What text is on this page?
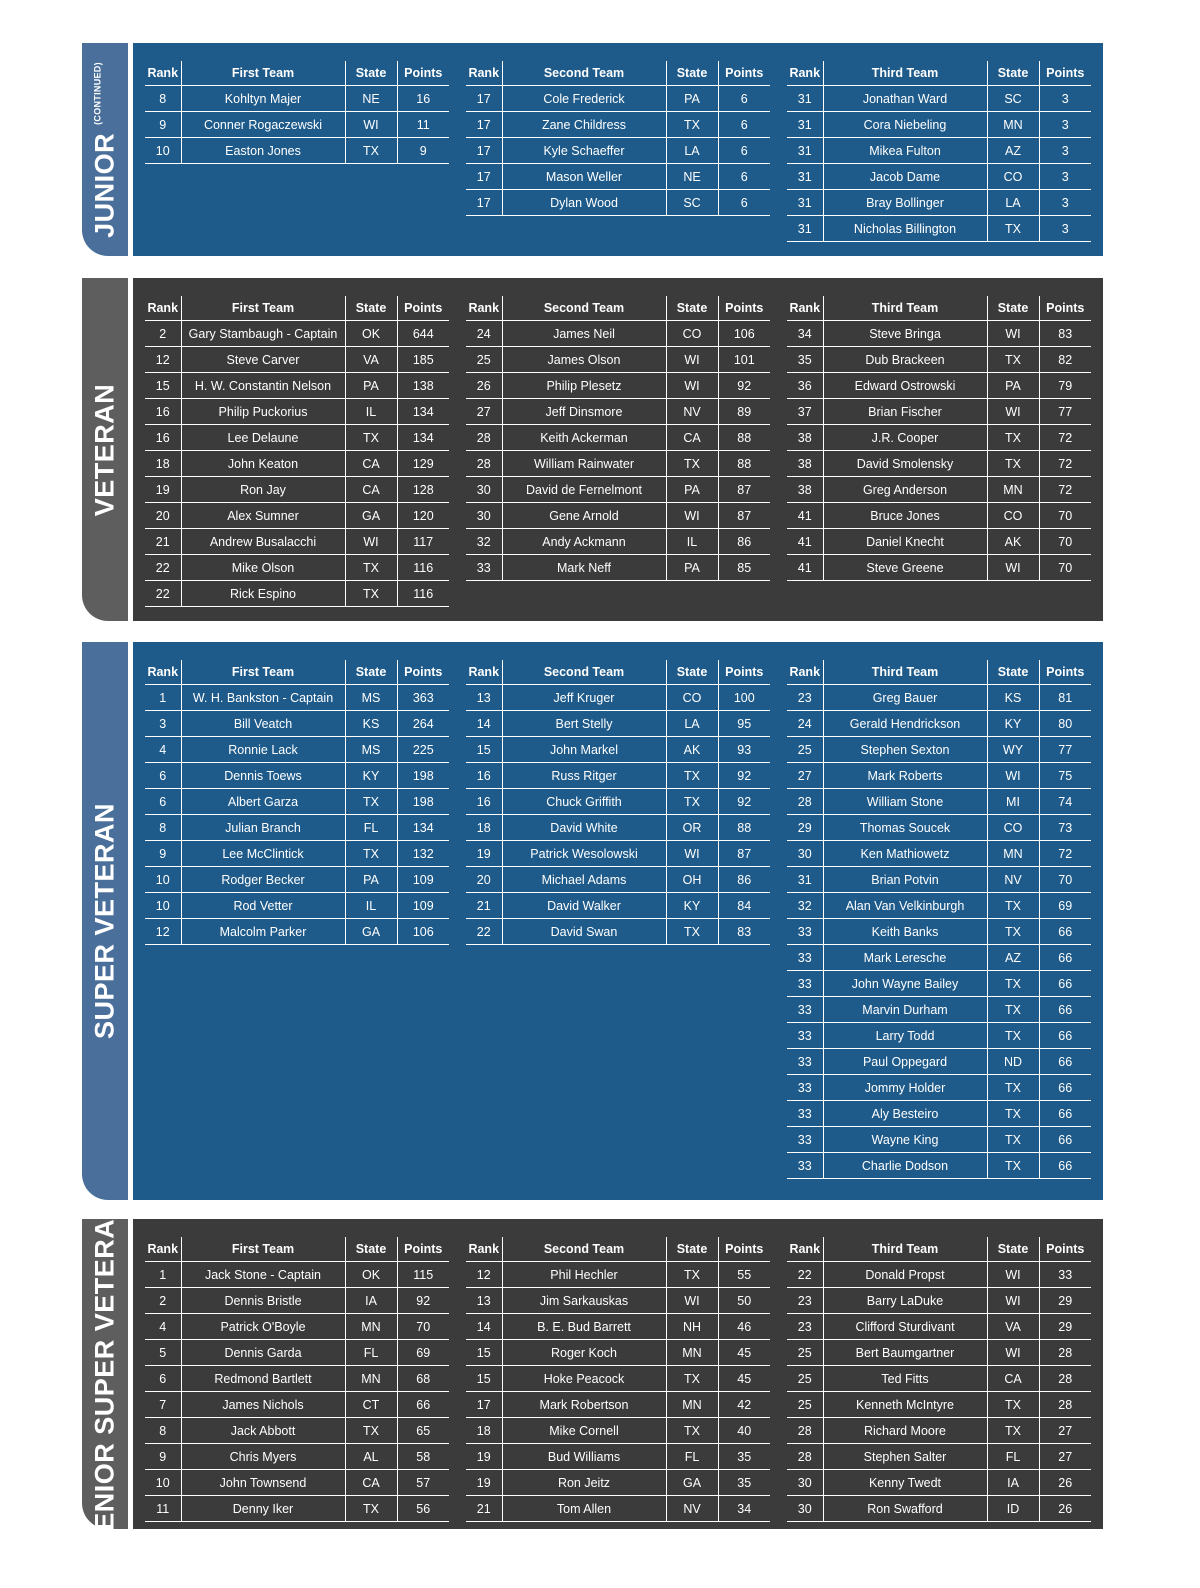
$JUNIOR^{(CONTINUED)}$	Rank	First Team	State	Points
8	Kohltyn Majer	NE	16
9	Conner Rogaczewski	WI	11
10	Easton Jones	TX	9
Rank	Second Team	State	Points
17	Cole Frederick	PA	6
17	Zane Childress	TX	6
17	Kyle Schaeffer	LA	6
17	Mason Weller	NE	6
17	Dylan Wood	SC	6
Rank	Third Team	State	Points
31	Jonathan Ward	SC	3
31	Cora Niebeling	MN	3
31	Mikea Fulton	AZ	3
31	Jacob Dame	CO	3
31	Bray Bollinger	LA	3
31	Nicholas Billington	TX	3
VETERAN
Rank	First Team	State	Points
2	Gary Stambaugh - Captain	OK	644
12	Steve Carver	VA	185
15	H. W. Constantin Nelson	PA	138
16	Philip Puckorius	IL	134
16	Lee Delaune	TX	134
18	John Keaton	CA	129
19	Ron Jay	CA	128
20	Alex Sumner	GA	120
21	Andrew Busalacchi	WI	117
22	Mike Olson	TX	116
22	Rick Espino	TX	116
Rank	Second Team	State	Points
24	James Neil	CO	106
25	James Olson	WI	101
26	Philip Plesetz	WI	92
27	Jeff Dinsmore	NV	89
28	Keith Ackerman	CA	88
28	William Rainwater	TX	88
30	David de Fernelmont	PA	87
30	Gene Arnold	WI	87
32	Andy Ackmann	IL	86
33	Mark Neff	PA	85
Rank	Third Team	State	Points
34	Steve Bringa	WI	83
35	Dub Brackeen	TX	82
36	Edward Ostrowski	PA	79
37	Brian Fischer	WI	77
38	J.R. Cooper	TX	72
38	David Smolensky	TX	72
38	Greg Anderson	MN	72
41	Bruce Jones	CO	70
41	Daniel Knecht	AK	70
41	Steve Greene	WI	70
SUPER VETERAN
Rank	First Team	State	Points
1	W. H. Bankston - Captain	MS	363
3	Bill Veatch	KS	264
4	Ronnie Lack	MS	225
6	Dennis Toews	KY	198
6	Albert Garza	TX	198
8	Julian Branch	FL	134
9	Lee McClintick	TX	132
10	Rodger Becker	PA	109
10	Rod Vetter	IL	109
12	Malcolm Parker	GA	106
Rank	Second Team	State	Points
13	Jeff Kruger	CO	100
14	Bert Stelly	LA	95
15	John Markel	AK	93
16	Russ Ritger	TX	92
16	Chuck Griffith	TX	92
18	David White	OR	88
19	Patrick Wesolowski	WI	87
20	Michael Adams	OH	86
21	David Walker	KY	84
22	David Swan	TX	83
Rank	Third Team	State	Points
23	Greg Bauer	KS	81
24	Gerald Hendrickson	KY	80
25	Stephen Sexton	WY	77
27	Mark Roberts	WI	75
28	William Stone	MI	74
29	Thomas Soucek	CO	73
30	Ken Mathiowetz	MN	72
31	Brian Potvin	NV	70
32	Alan Van Velkinburgh	TX	69
33	Keith Banks	TX	66
33	Mark Leresche	AZ	66
33	John Wayne Bailey	TX	66
33	Marvin Durham	TX	66
33	Larry Todd	TX	66
33	Paul Oppegard	ND	66
33	Jommy Holder	TX	66
33	Aly Besteiro	TX	66
33	Wayne King	TX	66
33	Charlie Dodson	TX	66
SENIOR SUPER VETERAN Rank	First Team	State	Points
1	Jack Stone - Captain	OK	115
2	Dennis Bristle	IA	92
4	Patrick O'Boyle	MN	70
5	Dennis Garda	FL	69
6	Redmond Bartlett	MN	68
7	James Nichols	CT	66
8	Jack Abbott	TX	65
9	Chris Myers	AL	58
10	John Townsend	CA	57
11	Denny Iker	TX	56
Rank	Second Team	State	Points
12	Phil Hechler	TX	55
13	Jim Sarkauskas	WI	50
14	B. E. Bud Barrett	NH	46
15	Roger Koch	MN	45
15	Hoke Peacock	TX	45
17	Mark Robertson	MN	42
18	Mike Cornell	TX	40
19	Bud Williams	FL	35
19	Ron Jeitz	GA	35
21	Tom Allen	NV	34
Rank	Third Team	State	Points
22	Donald Propst	WI	33
23	Barry LaDuke	WI	29
23	Clifford Sturdivant	VA	29
25	Bert Baumgartner	WI	28
25	Ted Fitts	CA	28
25	Kenneth McIntyre	TX	28
28	Richard Moore	TX	27
28	Stephen Salter	FL	27
30	Kenny Twedt	IA	26
30	Ron Swafford	ID	26
